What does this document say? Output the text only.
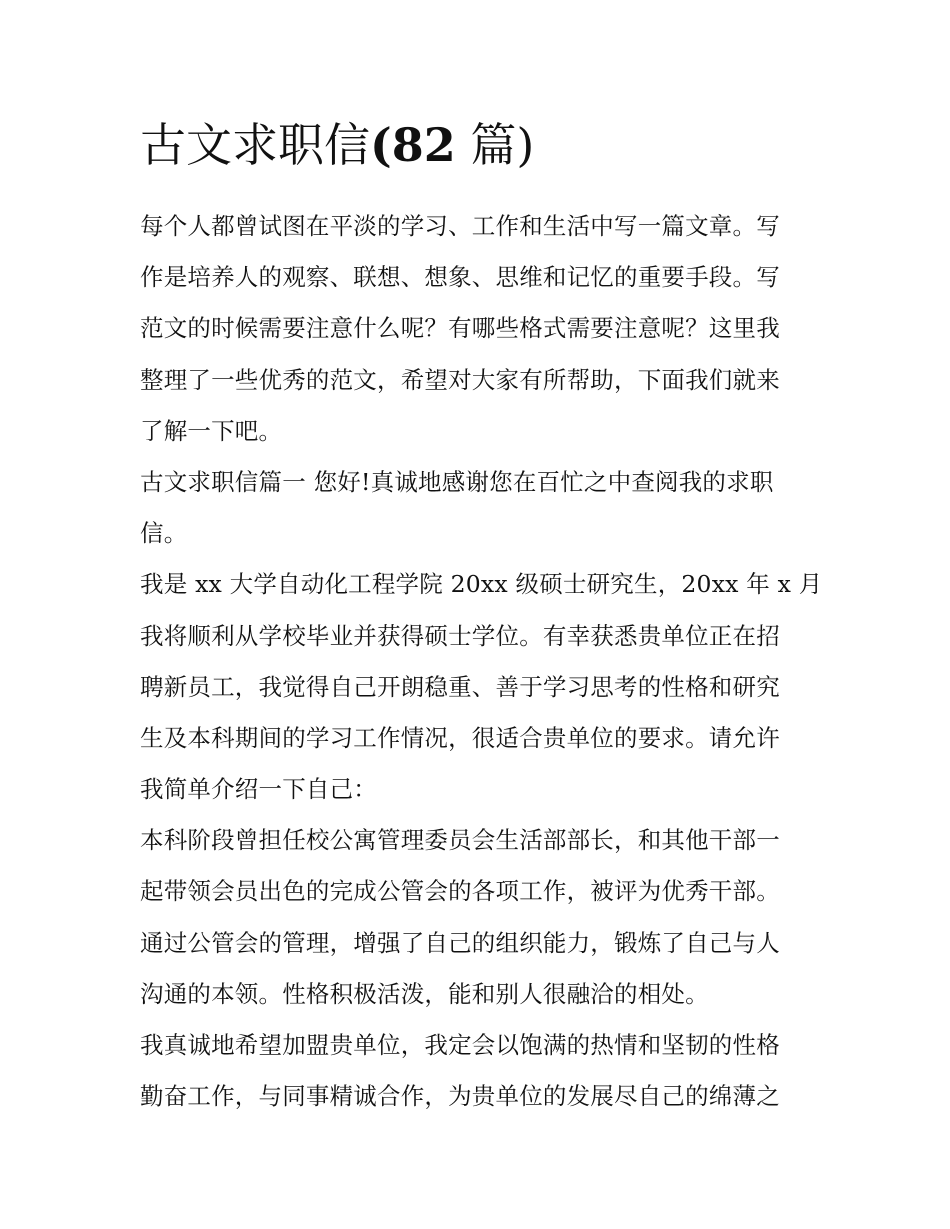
古文求职信(82 篇)

每个人都曾试图在平淡的学习、工作和生活中写一篇文章。写
作是培养人的观察、联想、想象、思维和记忆的重要手段。写
范文的时候需要注意什么呢？有哪些格式需要注意呢？这里我
整理了一些优秀的范文，希望对大家有所帮助，下面我们就来
了解一下吧。

古文求职信篇一 您好!真诚地感谢您在百忙之中查阅我的求职
信。

我是 xx 大学自动化工程学院 20xx 级硕士研究生，20xx 年 x 月
我将顺利从学校毕业并获得硕士学位。有幸获悉贵单位正在招
聘新员工，我觉得自己开朗稳重、善于学习思考的性格和研究
生及本科期间的学习工作情况，很适合贵单位的要求。请允许
我简单介绍一下自己：

本科阶段曾担任校公寓管理委员会生活部部长，和其他干部一
起带领会员出色的完成公管会的各项工作，被评为优秀干部。
通过公管会的管理，增强了自己的组织能力，锻炼了自己与人
沟通的本领。性格积极活泼，能和别人很融洽的相处。

我真诚地希望加盟贵单位，我定会以饱满的热情和坚韧的性格
勤奋工作，与同事精诚合作，为贵单位的发展尽自己的绵薄之
